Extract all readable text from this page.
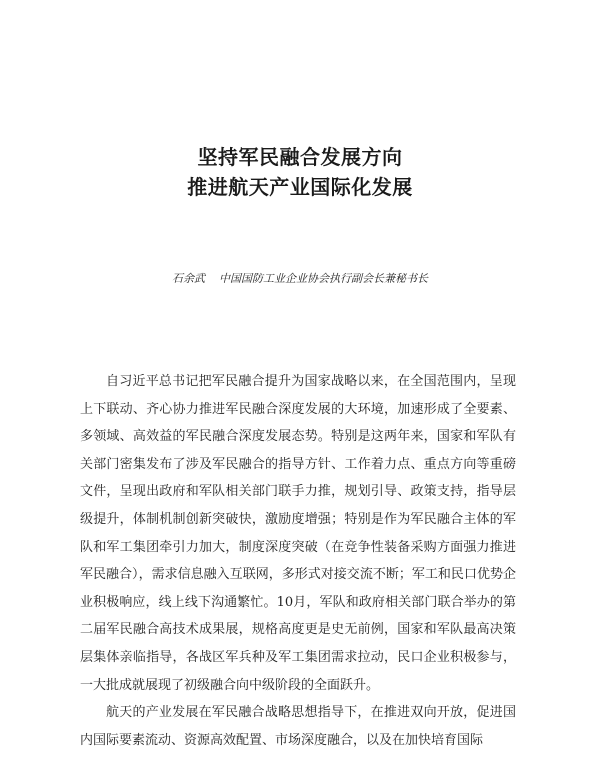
坚持军民融合发展方向
推进航天产业国际化发展
石余武 中国国防工业企业协会执行副会长兼秘书长

自习近平总书记把军民融合提升为国家战略以来，在全国范围内，呈现上下联动、齐心协力推进军民融合深度发展的大环境，加速形成了全要素、多领域、高效益的军民融合深度发展态势。特别是这两年来，国家和军队有关部门密集发布了涉及军民融合的指导方针、工作着力点、重点方向等重磅文件，呈现出政府和军队相关部门联手力推，规划引导、政策支持，指导层级提升，体制机制创新突破快，激励度增强；特别是作为军民融合主体的军队和军工集团牵引力加大，制度深度突破（在竞争性装备采购方面强力推进军民融合），需求信息融入互联网，多形式对接交流不断；军工和民口优势企业积极响应，线上线下沟通繁忙。10月，军队和政府相关部门联合举办的第二届军民融合高技术成果展，规格高度更是史无前例，国家和军队最高决策层集体亲临指导，各战区军兵种及军工集团需求拉动，民口企业积极参与，一大批成就展现了初级融合向中级阶段的全面跃升。

航天的产业发展在军民融合战略思想指导下，在推进双向开放，促进国内国际要素流动、资源高效配置、市场深度融合，以及在加快培育国际
